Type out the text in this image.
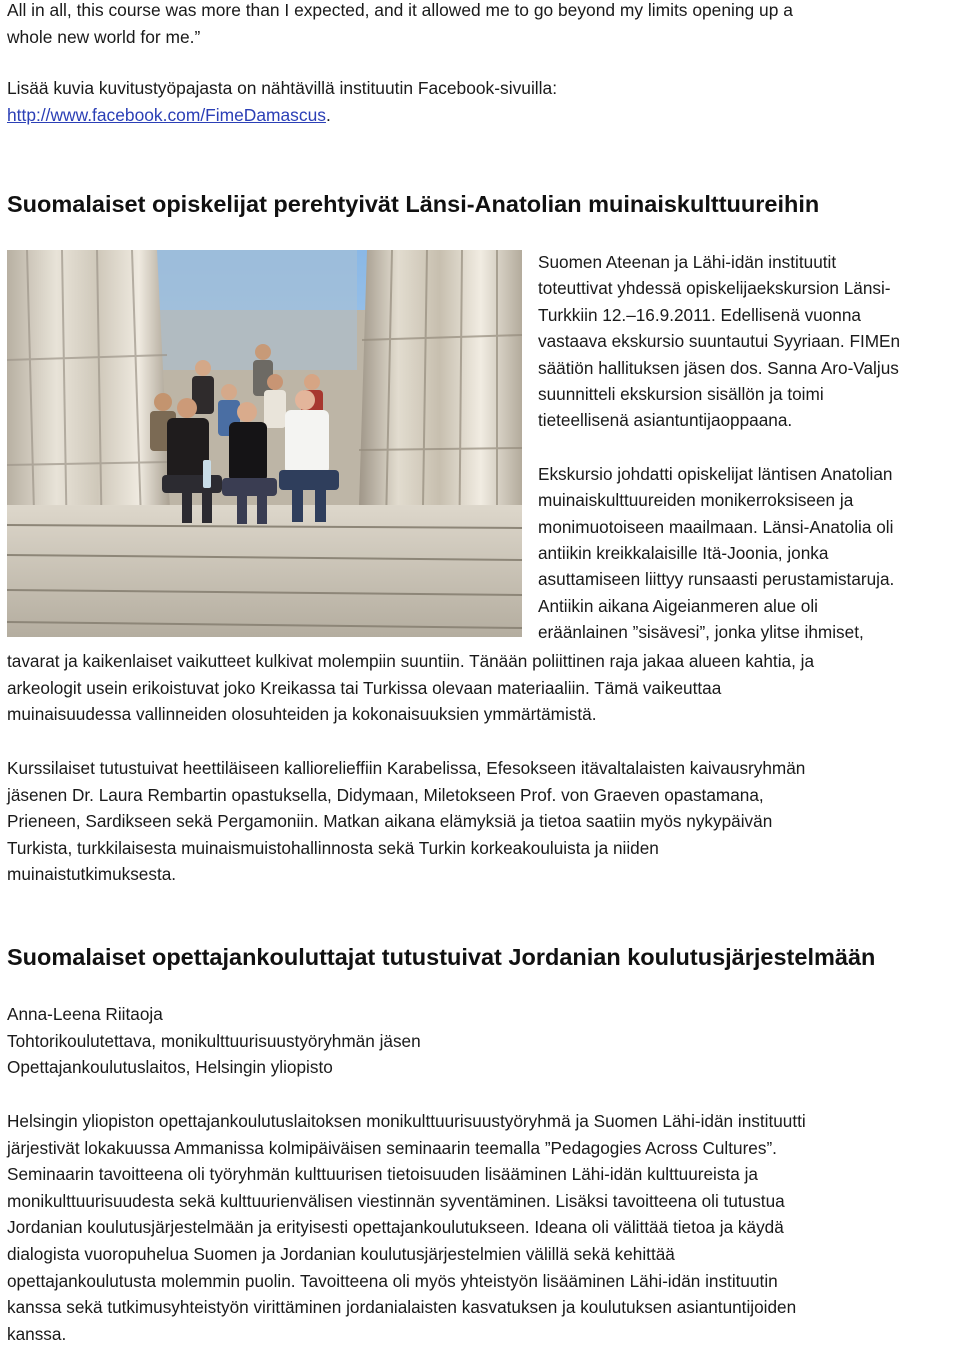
All in all, this course was more than I expected, and it allowed me to go beyond my limits opening up a
whole new world for me.”
Lisää kuvia kuvitustyöpajasta on nähtävillä instituutin Facebook-sivuilla:
http://www.facebook.com/FimeDamascus.
Suomalaiset opiskelijat perehtyivät Länsi-Anatolian muinaiskulttuureihin

Suomen Ateenan ja Lähi-idän instituutit
toteuttivat yhdessä opiskelijaekskursion Länsi-
Turkkiin 12.–16.9.2011. Edellisenä vuonna
vastaava ekskursio suuntautui Syyriaan. FIMEn
säätiön hallituksen jäsen dos. Sanna Aro-Valjus
suunnitteli ekskursion sisällön ja toimi
tieteellisenä asiantuntijaoppaana.

Ekskursio johdatti opiskelijat läntisen Anatolian
muinaiskulttuureiden monikerroksiseen ja
monimuotoiseen maailmaan. Länsi-Anatolia oli
antiikin kreikkalaisille Itä-Joonia, jonka
asuttamiseen liittyy runsaasti perustamistaruja.
Antiikin aikana Aigeianmeren alue oli
eräänlainen ”sisävesi”, jonka ylitse ihmiset,

tavarat ja kaikenlaiset vaikutteet kulkivat molempiin suuntiin. Tänään poliittinen raja jakaa alueen kahtia, ja
arkeologit usein erikoistuvat joko Kreikassa tai Turkissa olevaan materiaaliin. Tämä vaikeuttaa
muinaisuudessa vallinneiden olosuhteiden ja kokonaisuuksien ymmärtämistä.
Kurssilaiset tutustuivat heettiläiseen kalliorelieffiin Karabelissa, Efesokseen itävaltalaisten kaivausryhmän
jäsenen Dr. Laura Rembartin opastuksella, Didymaan, Miletokseen Prof. von Graeven opastamana,
Prieneen, Sardikseen sekä Pergamoniin. Matkan aikana elämyksiä ja tietoa saatiin myös nykypäivän
Turkista, turkkilaisesta muinaismuistohallinnosta sekä Turkin korkeakouluista ja niiden
muinaistutkimuksesta.
Suomalaiset opettajankouluttajat tutustuivat Jordanian koulutusjärjestelmään
Anna-Leena Riitaoja
Tohtorikoulutettava, monikulttuurisuustyöryhmän jäsen
Opettajankoulutuslaitos, Helsingin yliopisto
Helsingin yliopiston opettajankoulutuslaitoksen monikulttuurisuustyöryhmä ja Suomen Lähi-idän instituutti
järjestivät lokakuussa Ammanissa kolmipäiväisen seminaarin teemalla ”Pedagogies Across Cultures”.
Seminaarin tavoitteena oli työryhmän kulttuurisen tietoisuuden lisääminen Lähi-idän kulttuureista ja
monikulttuurisuudesta sekä kulttuurienvälisen viestinnän syventäminen. Lisäksi tavoitteena oli tutustua
Jordanian koulutusjärjestelmään ja erityisesti opettajankoulutukseen. Ideana oli välittää tietoa ja käydä
dialogista vuoropuhelua Suomen ja Jordanian koulutusjärjestelmien välillä sekä kehittää
opettajankoulutusta molemmin puolin. Tavoitteena oli myös yhteistyön lisääminen Lähi-idän instituutin
kanssa sekä tutkimusyhteistyön virittäminen jordanialaisten kasvatuksen ja koulutuksen asiantuntijoiden
kanssa.
